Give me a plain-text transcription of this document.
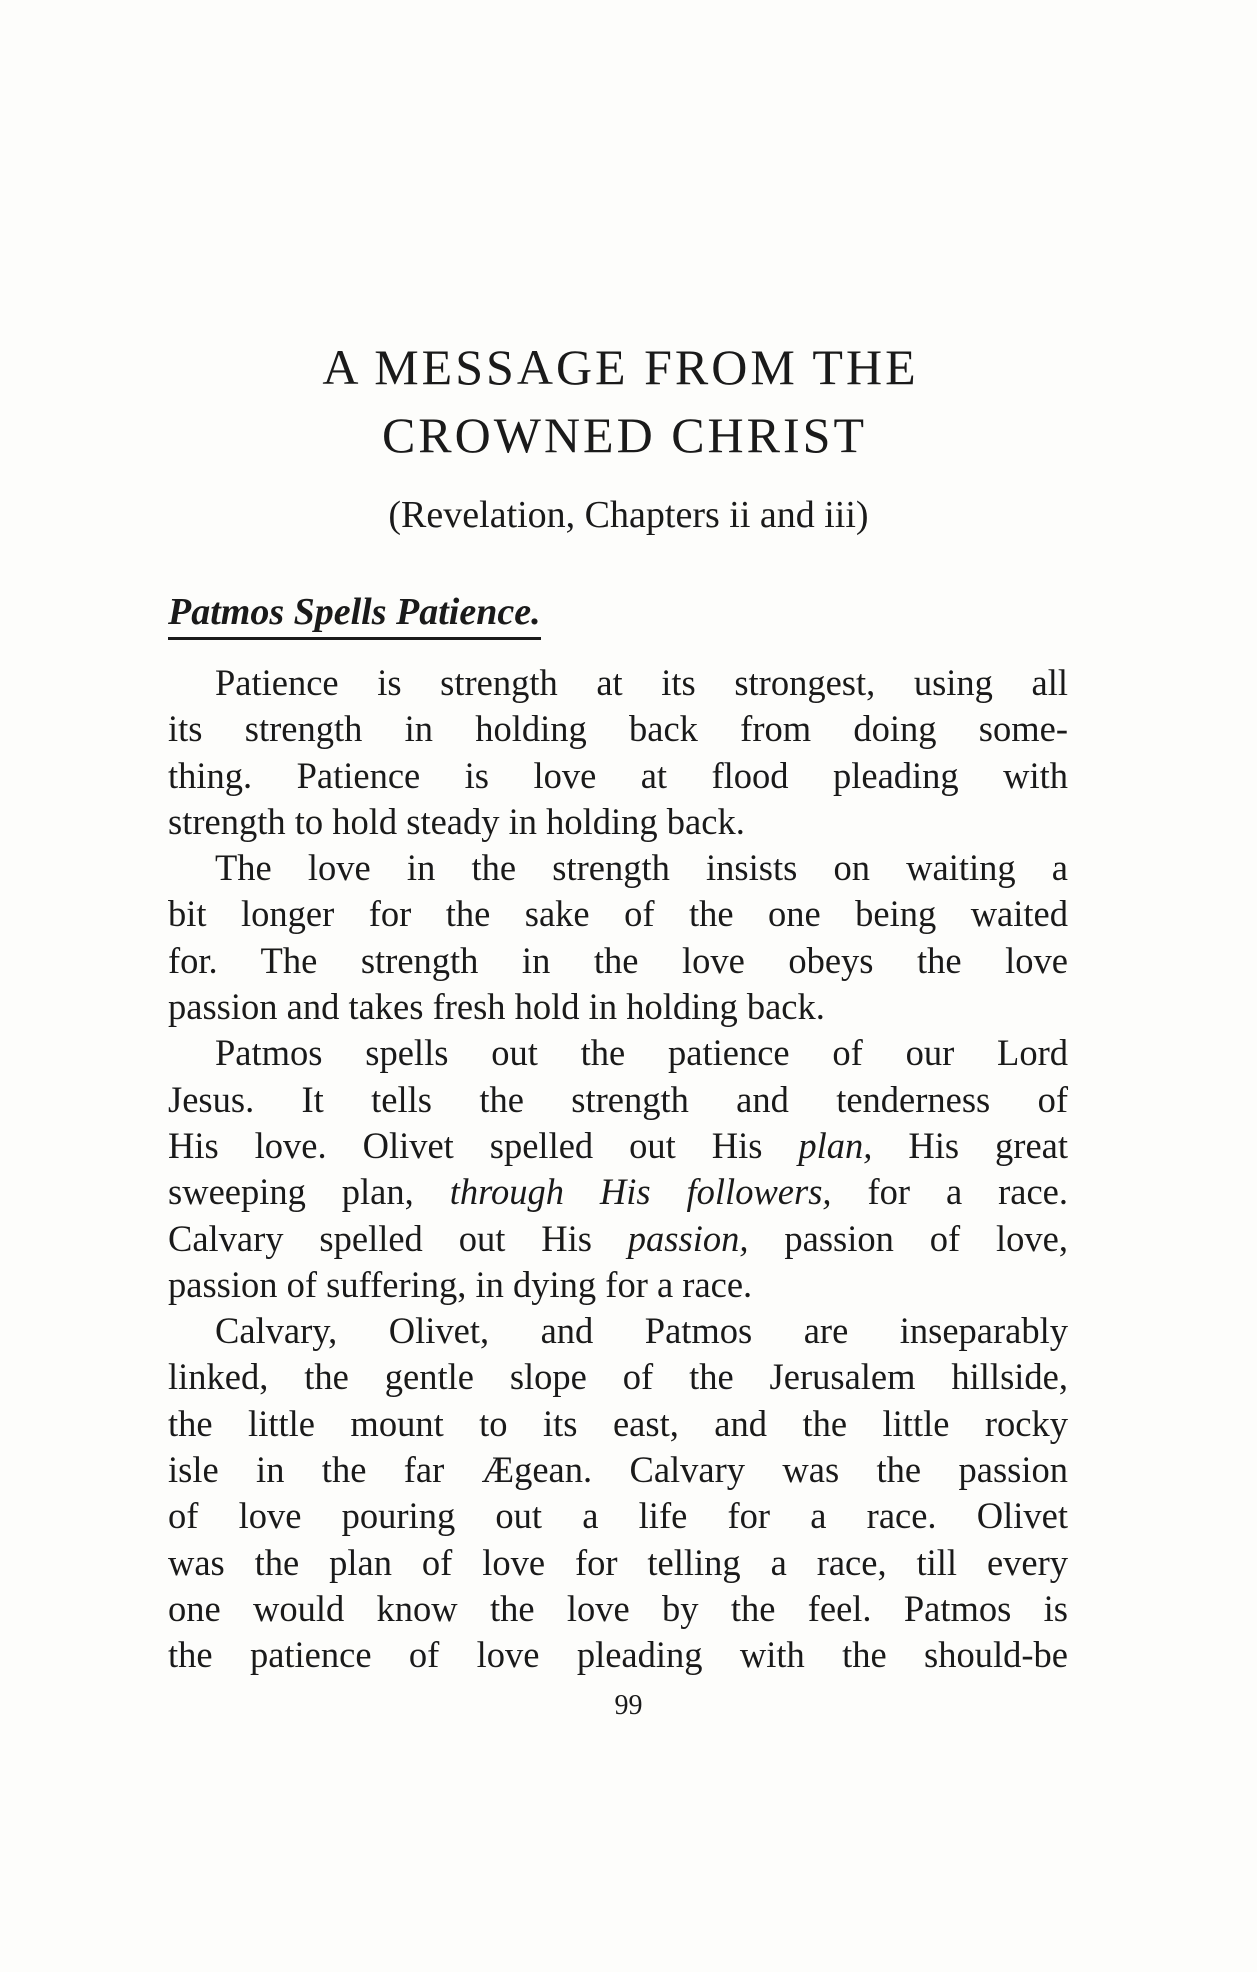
A MESSAGE FROM THE
CROWNED CHRIST

(Revelation, Chapters ii and iii)

Patmos Spells Patience.
Patience is strength at its strongest, using all
its strength in holding back from doing some-
thing. Patience is love at flood pleading with
strength to hold steady in holding back.
The love in the strength insists on waiting a
bit longer for the sake of the one being waited
for. The strength in the love obeys the love
passion and takes fresh hold in holding back.
Patmos spells out the patience of our Lord
Jesus. It tells the strength and tenderness of
His love. Olivet spelled out His plan, His great
sweeping plan, through His followers, for a race.
Calvary spelled out His passion, passion of love,
passion of suffering, in dying for a race.
Calvary, Olivet, and Patmos are inseparably
linked, the gentle slope of the Jerusalem hillside,
the little mount to its east, and the little rocky
isle in the far Ægean. Calvary was the passion
of love pouring out a life for a race. Olivet
was the plan of love for telling a race, till every
one would know the love by the feel. Patmos is
the patience of love pleading with the should-be

99
